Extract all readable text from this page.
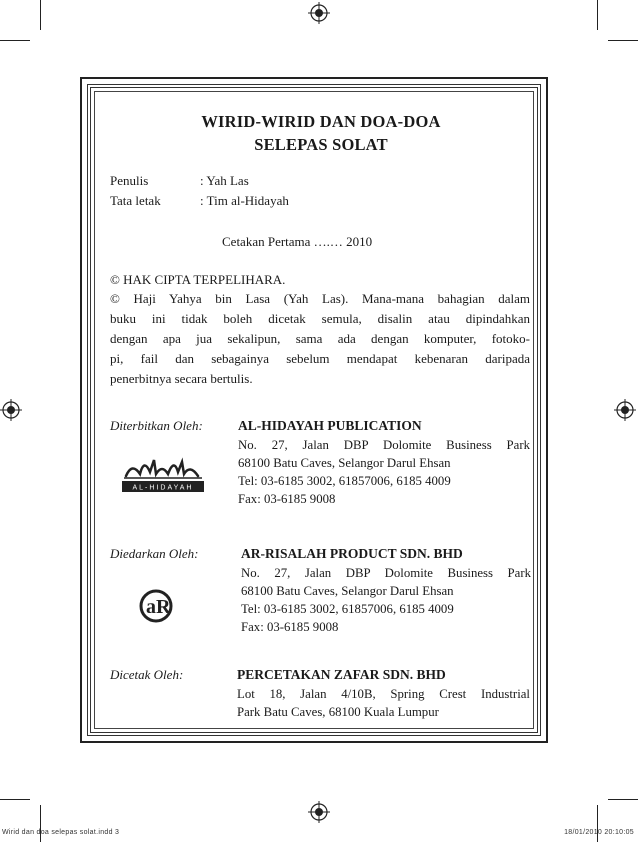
WIRID-WIRID DAN DOA-DOA
SELEPAS SOLAT
Penulis	: Yah Las
Tata letak	: Tim al-Hidayah
Cetakan Pertama ….… 2010
© HAK CIPTA TERPELIHARA.
© Haji Yahya bin Lasa (Yah Las). Mana-mana bahagian dalam
buku ini tidak boleh dicetak semula, disalin atau dipindahkan
dengan apa jua sekalipun, sama ada dengan komputer, fotoko-
pi, fail dan sebagainya sebelum mendapat kebenaran daripada
penerbitnya secara bertulis.
Diterbitkan Oleh:	AL-HIDAYAH PUBLICATION
No. 27, Jalan DBP Dolomite Business Park
68100 Batu Caves, Selangor Darul Ehsan
Tel: 03-6185 3002, 61857006, 6185 4009
Fax: 03-6185 9008
AL-HIDAYAH
Diedarkan Oleh:	AR-RISALAH PRODUCT SDN. BHD
No. 27, Jalan DBP Dolomite Business Park
68100 Batu Caves, Selangor Darul Ehsan
Tel: 03-6185 3002, 61857006, 6185 4009
Fax: 03-6185 9008
aR
Dicetak Oleh:	PERCETAKAN ZAFAR SDN. BHD
Lot 18, Jalan 4/10B, Spring Crest Industrial
Park Batu Caves, 68100 Kuala Lumpur
Wirid dan doa selepas solat.indd 3	18/01/2010 20:10:05
